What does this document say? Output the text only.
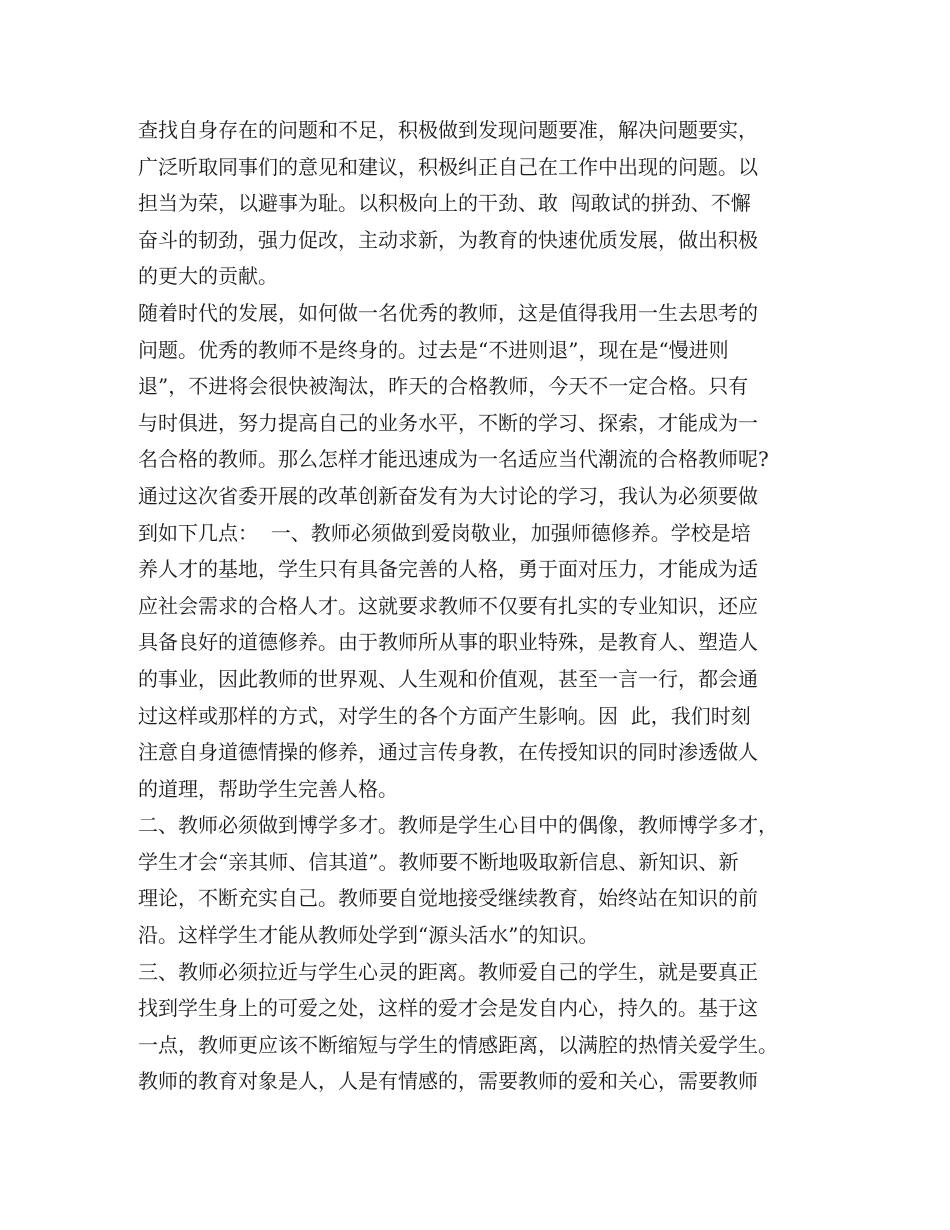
查找自身存在的问题和不足，积极做到发现问题要准，解决问题要实，
广泛听取同事们的意见和建议，积极纠正自己在工作中出现的问题。以
担当为荣，以避事为耻。以积极向上的干劲、敢  闯敢试的拼劲、不懈
奋斗的韧劲，强力促改，主动求新，为教育的快速优质发展，做出积极
的更大的贡献。
随着时代的发展，如何做一名优秀的教师，这是值得我用一生去思考的
问题。优秀的教师不是终身的。过去是“不进则退”，现在是“慢进则
退”，不进将会很快被淘汰，昨天的合格教师，今天不一定合格。只有
与时俱进，努力提高自己的业务水平，不断的学习、探索，才能成为一
名合格的教师。那么怎样才能迅速成为一名适应当代潮流的合格教师呢?
通过这次省委开展的改革创新奋发有为大讨论的学习，我认为必须要做
到如下几点：  一、教师必须做到爱岗敬业，加强师德修养。学校是培
养人才的基地，学生只有具备完善的人格，勇于面对压力，才能成为适
应社会需求的合格人才。这就要求教师不仅要有扎实的专业知识，还应
具备良好的道德修养。由于教师所从事的职业特殊，是教育人、塑造人
的事业，因此教师的世界观、人生观和价值观，甚至一言一行，都会通
过这样或那样的方式，对学生的各个方面产生影响。因  此，我们时刻
注意自身道德情操的修养，通过言传身教，在传授知识的同时渗透做人
的道理，帮助学生完善人格。
二、教师必须做到博学多才。教师是学生心目中的偶像，教师博学多才，
学生才会“亲其师、信其道”。教师要不断地吸取新信息、新知识、新
理论，不断充实自己。教师要自觉地接受继续教育，始终站在知识的前
沿。这样学生才能从教师处学到“源头活水”的知识。
三、教师必须拉近与学生心灵的距离。教师爱自己的学生，就是要真正
找到学生身上的可爱之处，这样的爱才会是发自内心，持久的。基于这
一点，教师更应该不断缩短与学生的情感距离，以满腔的热情关爱学生。
教师的教育对象是人，人是有情感的，需要教师的爱和关心，需要教师
